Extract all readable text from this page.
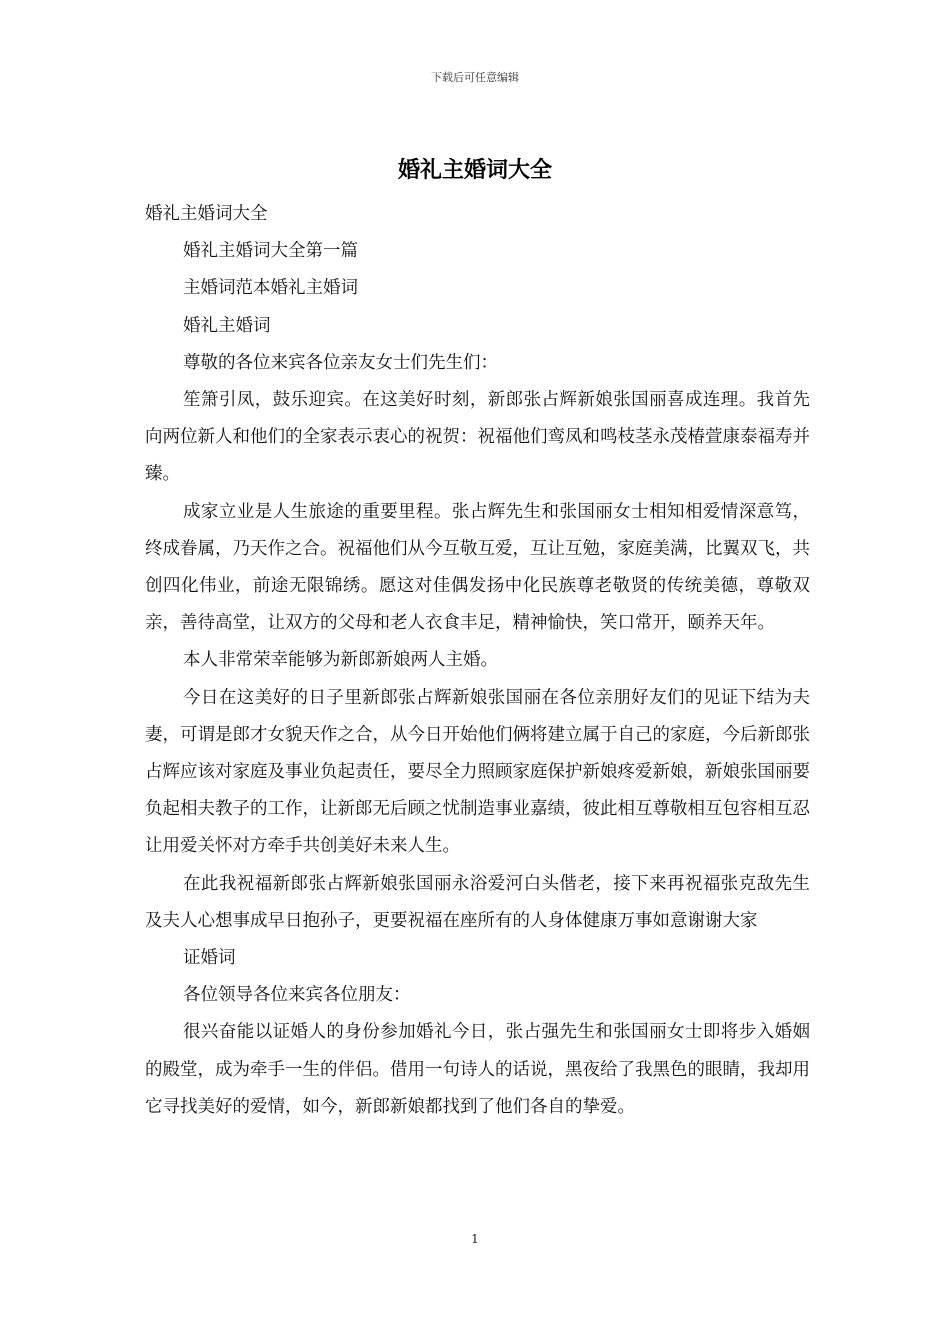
下载后可任意编辑
婚礼主婚词大全

婚礼主婚词大全

婚礼主婚词大全第一篇

主婚词范本婚礼主婚词

婚礼主婚词

尊敬的各位来宾各位亲友女士们先生们：

笙箫引凤，鼓乐迎宾。在这美好时刻，新郎张占辉新娘张国丽喜成连理。我首先向两位新人和他们的全家表示衷心的祝贺：祝福他们鸾凤和鸣枝茎永茂椿萱康泰福寿并臻。

成家立业是人生旅途的重要里程。张占辉先生和张国丽女士相知相爱情深意笃，终成眷属，乃天作之合。祝福他们从今互敬互爱，互让互勉，家庭美满，比翼双飞，共创四化伟业，前途无限锦绣。愿这对佳偶发扬中化民族尊老敬贤的传统美德，尊敬双亲，善待高堂，让双方的父母和老人衣食丰足，精神愉快，笑口常开，颐养天年。

本人非常荣幸能够为新郎新娘两人主婚。

今日在这美好的日子里新郎张占辉新娘张国丽在各位亲朋好友们的见证下结为夫妻，可谓是郎才女貌天作之合，从今日开始他们俩将建立属于自己的家庭，今后新郎张占辉应该对家庭及事业负起责任，要尽全力照顾家庭保护新娘疼爱新娘，新娘张国丽要负起相夫教子的工作，让新郎无后顾之忧制造事业嘉绩，彼此相互尊敬相互包容相互忍让用爱关怀对方牵手共创美好未来人生。

在此我祝福新郎张占辉新娘张国丽永浴爱河白头偕老，接下来再祝福张克敌先生及夫人心想事成早日抱孙子，更要祝福在座所有的人身体健康万事如意谢谢大家

证婚词

各位领导各位来宾各位朋友：

很兴奋能以证婚人的身份参加婚礼今日，张占强先生和张国丽女士即将步入婚姻的殿堂，成为牵手一生的伴侣。借用一句诗人的话说，黑夜给了我黑色的眼睛，我却用它寻找美好的爱情，如今，新郎新娘都找到了他们各自的挚爱。

1
